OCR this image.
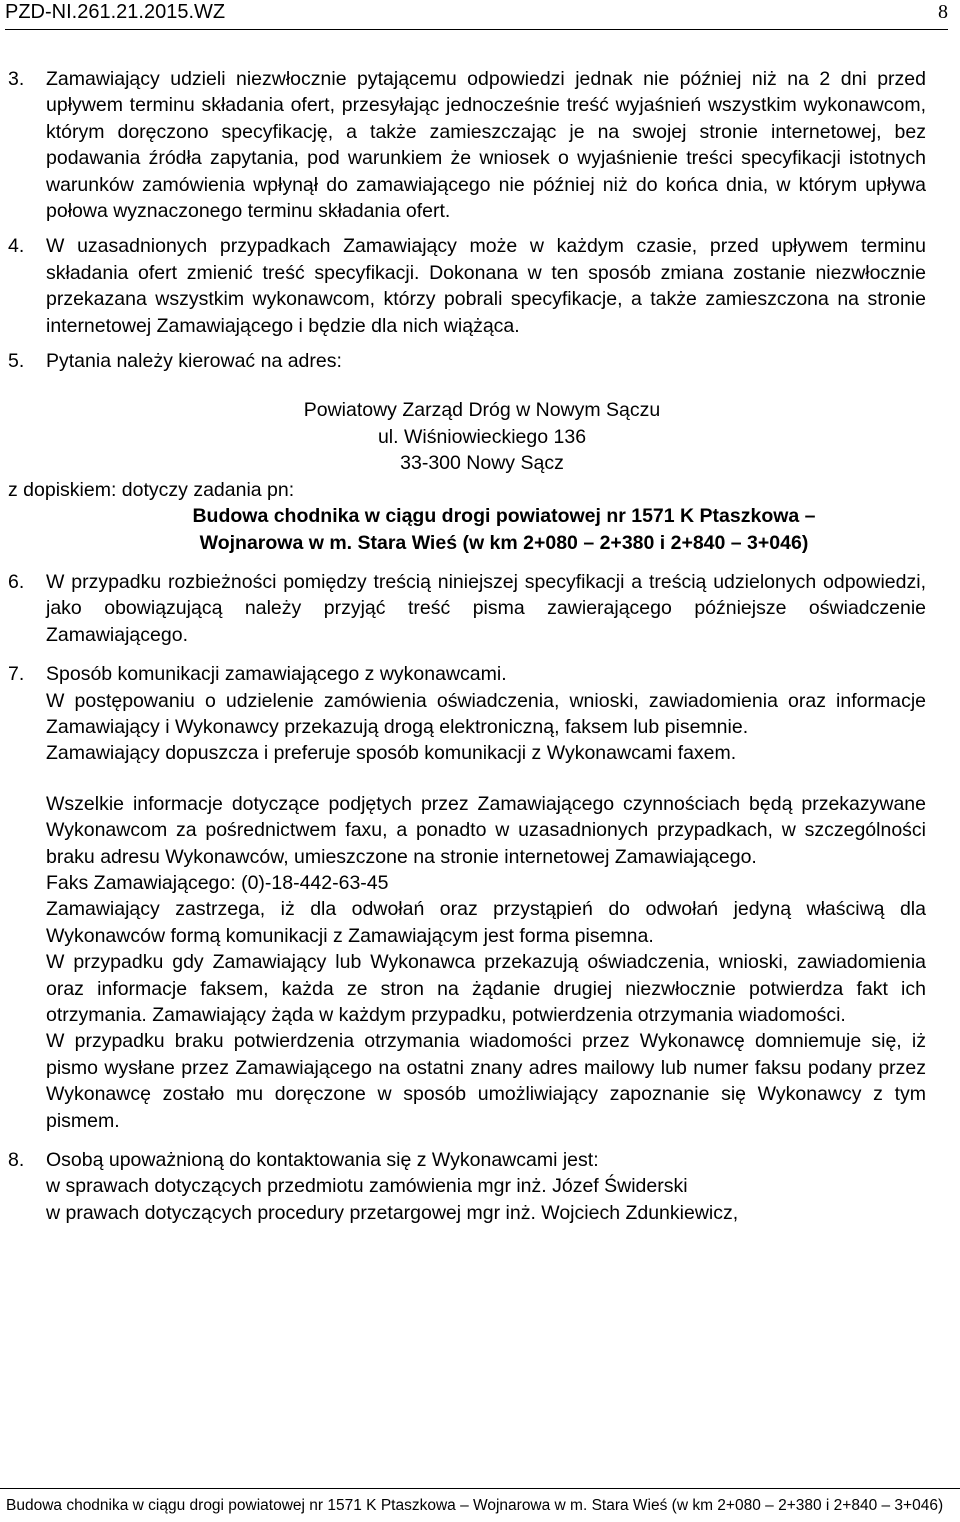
PZD-NI.261.21.2015.WZ	8
3.	Zamawiający udzieli niezwłocznie pytającemu odpowiedzi jednak nie później niż na 2 dni przed upływem terminu składania ofert, przesyłając jednocześnie treść wyjaśnień wszystkim wykonawcom, którym doręczono specyfikację, a także zamieszczając je na swojej stronie internetowej, bez podawania źródła zapytania, pod warunkiem że wniosek o wyjaśnienie treści specyfikacji istotnych warunków zamówienia wpłynął do zamawiającego nie później niż do końca dnia, w którym upływa połowa wyznaczonego terminu składania ofert.
4.	W uzasadnionych przypadkach Zamawiający może w każdym czasie, przed upływem terminu składania ofert zmienić treść specyfikacji. Dokonana w ten sposób zmiana zostanie niezwłocznie przekazana wszystkim wykonawcom, którzy pobrali specyfikacje, a także zamieszczona na stronie internetowej Zamawiającego i będzie dla nich wiążąca.
5.	Pytania należy kierować na adres:
Powiatowy Zarząd Dróg w Nowym Sączu
ul. Wiśniowieckiego 136
33-300 Nowy Sącz
z dopiskiem: dotyczy zadania pn:
Budowa chodnika w ciągu drogi powiatowej nr 1571 K Ptaszkowa –
Wojnarowa w m. Stara Wieś (w km 2+080 – 2+380 i 2+840 – 3+046)
6.	W przypadku rozbieżności pomiędzy treścią niniejszej specyfikacji a treścią udzielonych odpowiedzi, jako obowiązującą należy przyjąć treść pisma zawierającego późniejsze oświadczenie Zamawiającego.
7.	Sposób komunikacji zamawiającego z wykonawcami.
W postępowaniu o udzielenie zamówienia oświadczenia, wnioski, zawiadomienia oraz informacje Zamawiający i Wykonawcy przekazują drogą elektroniczną, faksem lub pisemnie.
Zamawiający dopuszcza i preferuje sposób komunikacji z Wykonawcami faxem.
Wszelkie informacje dotyczące podjętych przez Zamawiającego czynnościach będą przekazywane Wykonawcom za pośrednictwem faxu, a ponadto w uzasadnionych przypadkach, w szczególności braku adresu Wykonawców, umieszczone na stronie internetowej Zamawiającego.
Faks Zamawiającego: (0)-18-442-63-45
Zamawiający zastrzega, iż dla odwołań oraz przystąpień do odwołań jedyną właściwą dla Wykonawców formą komunikacji z Zamawiającym jest forma pisemna.
W przypadku gdy Zamawiający lub Wykonawca przekazują oświadczenia, wnioski, zawiadomienia oraz informacje faksem, każda ze stron na żądanie drugiej niezwłocznie potwierdza fakt ich otrzymania. Zamawiający żąda w każdym przypadku, potwierdzenia otrzymania wiadomości.
W przypadku braku potwierdzenia otrzymania wiadomości przez Wykonawcę domniemuje się, iż pismo wysłane przez Zamawiającego na ostatni znany adres mailowy lub numer faksu podany przez Wykonawcę zostało mu doręczone w sposób umożliwiający zapoznanie się Wykonawcy z tym pismem.
8.	Osobą upoważnioną do kontaktowania się z Wykonawcami jest:
w sprawach dotyczących przedmiotu zamówienia mgr inż. Józef Świderski
w prawach dotyczących procedury przetargowej mgr inż. Wojciech Zdunkiewicz,
Budowa chodnika w ciągu drogi powiatowej nr 1571 K Ptaszkowa – Wojnarowa w m. Stara Wieś (w km 2+080 – 2+380 i 2+840 – 3+046)
